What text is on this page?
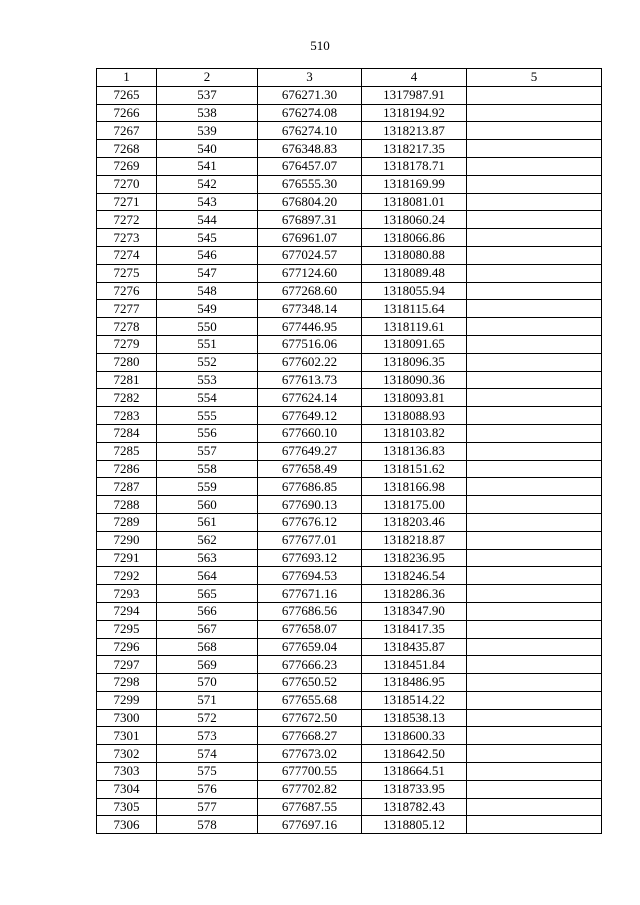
510
1	2	3	4	5
7265	537	676271.30	1317987.91	
7266	538	676274.08	1318194.92	
7267	539	676274.10	1318213.87	
7268	540	676348.83	1318217.35	
7269	541	676457.07	1318178.71	
7270	542	676555.30	1318169.99	
7271	543	676804.20	1318081.01	
7272	544	676897.31	1318060.24	
7273	545	676961.07	1318066.86	
7274	546	677024.57	1318080.88	
7275	547	677124.60	1318089.48	
7276	548	677268.60	1318055.94	
7277	549	677348.14	1318115.64	
7278	550	677446.95	1318119.61	
7279	551	677516.06	1318091.65	
7280	552	677602.22	1318096.35	
7281	553	677613.73	1318090.36	
7282	554	677624.14	1318093.81	
7283	555	677649.12	1318088.93	
7284	556	677660.10	1318103.82	
7285	557	677649.27	1318136.83	
7286	558	677658.49	1318151.62	
7287	559	677686.85	1318166.98	
7288	560	677690.13	1318175.00	
7289	561	677676.12	1318203.46	
7290	562	677677.01	1318218.87	
7291	563	677693.12	1318236.95	
7292	564	677694.53	1318246.54	
7293	565	677671.16	1318286.36	
7294	566	677686.56	1318347.90	
7295	567	677658.07	1318417.35	
7296	568	677659.04	1318435.87	
7297	569	677666.23	1318451.84	
7298	570	677650.52	1318486.95	
7299	571	677655.68	1318514.22	
7300	572	677672.50	1318538.13	
7301	573	677668.27	1318600.33	
7302	574	677673.02	1318642.50	
7303	575	677700.55	1318664.51	
7304	576	677702.82	1318733.95	
7305	577	677687.55	1318782.43	
7306	578	677697.16	1318805.12	
